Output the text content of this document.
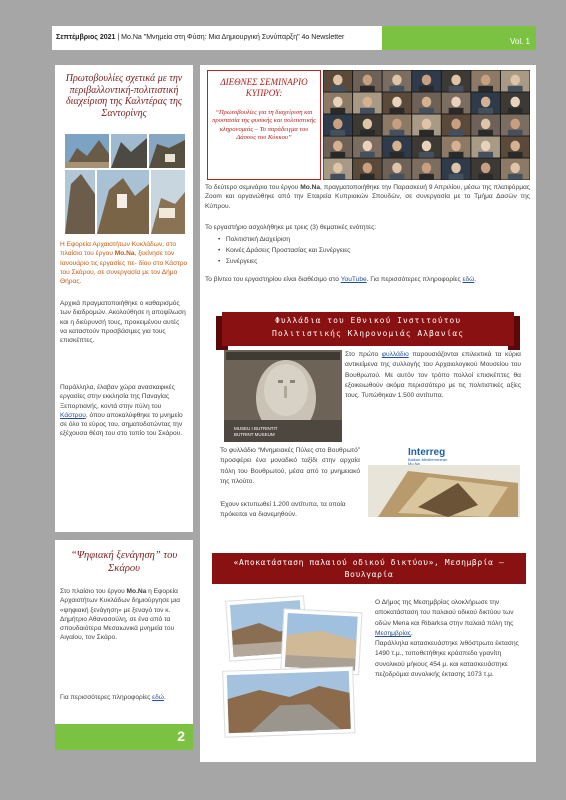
Σεπτέμβριος 2021 | Mo.Na "Μνημεία στη Φύση: Μια Δημιουργική Συνύπαρξη" 4ο Newsletter	Vol. 1
Πρωτοβουλίες σχετικά με την περιβαλλοντική-πολιτιστική διαχείριση της Καλντέρας της Σαντορίνης
Η Εφορεία Αρχαιοτήτων Κυκλάδων, στο πλαίσιο του έργου Mo.Na, ξεκίνησε τον Ιανουάριο τις εργασίες πε- δίου στο Κάστρο του Σκάρου, σε συνεργασία με τον Δήμο Θήρας.
Αρχικά πραγματοποιήθηκε ο καθαρισμός των διαδρομών. Ακολούθησε η αποψίλωση και η διεύρυνσή τους, προκειμένου αυτές να καταστούν προσβάσιμες για τους επισκέπτες.
Παράλληλα, έλαβαν χώρα ανασκαφικές εργασίες στην εκκλησία της Παναγίας Ξεπορτιανής, κοντά στην πύλη του Κάστρου, όπου αποκαλύφθηκε το μνημείο σε όλο το εύρος του, σηματοδοτώντας την εξέχουσα θέση του στο τοπίο του Σκάρου.
“Ψηφιακή ξενάγηση” του Σκάρου
Στο πλαίσιο του έργου Mo.Na η Εφορεία Αρχαιοτήτων Κυκλάδων δημιούργησε μια «ψηφιακή ξενάγηση» με ξεναγό τον κ. Δημήτριο Αθανασούλη, σε ένα από τα σπουδαιότερα Μεσαιωνικά μνημεία του Αιγαίου, τον Σκάρο.
Για περισσότερες πληροφορίες εδώ.
2
ΔΙΕΘΝΕΣ ΣΕΜΙΝΑΡΙΟ ΚΥΠΡΟΥ:
“Πρωτοβουλίες για τη διαχείριση και προστασία της φυσικής και πολιτιστικής κληρονομιάς – Το παράδειγμα του Δάσους του Κύκκου”
Το δεύτερο σεμινάριο του έργου Mo.Na, πραγματοποιήθηκε την Παρασκευή 9 Απριλίου, μέσω της πλατφόρμας Zoom και οργανώθηκε από την Εταιρεία Κυπριακών Σπουδών, σε συνεργασία με το Τμήμα Δασών της Κύπρου.
Το εργαστήριο ασχολήθηκε με τρεις (3) θεματικές ενότητες:
•   Πολιτιστική Διαχείριση
•   Κοινές Δράσεις Προστασίας και Συνέργειες
•   Συνέργειες
Το βίντεο του εργαστηρίου είναι διαθέσιμο στο YouTube. Για περισσότερες πληροφορίες εδώ.
Φυλλάδια του Εθνικού Ινστιτούτου
Πολιτιστικής Κληρονομιάς Αλβανίας
MUSEU I BUTRINTIT
BUTRINT MUSEUM
Στο πρώτο φυλλάδιο παρουσιάζονται επιλεκτικά τα κύρια αντικείμενα της συλλογής του Αρχαιολογικού Μουσείου του Βουθρωτού. Με αυτόν τον τρόπο πολλοί επισκέπτες θα εξοικειωθούν ακόμα περισσότερο με τις πολιτιστικές αξίες τους. Τυπώθηκαν 1.500 αντίτυπα.
Το φυλλάδιο “Μνημειακές Πύλες στο Βουθρωτό” προσφέρει ένα μοναδικό ταξίδι στην αρχαία πόλη του Βουθρωτού, μέσα από το μνημειακό της πλούτο.
Έχουν εκτυπωθεί 1.200 αντίτυπα, τα οποία πρόκειται να διανεμηθούν.
Interreg
Balkan-Mediterranean
Mo.Na
«Αποκατάσταση παλαιού οδικού δικτύου», Μεσημβρία – Βουλγαρία
Ο Δήμος της Μεσημβρίας ολοκλήρωσε την αποκατάσταση του παλαιού οδικού δικτύου των οδών Mena και Ribarksa στην παλαιά πόλη της Μεσημβρίας.
Παράλληλα κατασκευάστηκε λιθόστρωτο έκτασης 1490 τ.μ., τοποθετήθηκε κράσπεδο γρανίτη συνολικού μήκους 454 μ. και κατασκευάστηκε πεζοδρόμια συνολικής έκτασης 1073 τ.μ.
